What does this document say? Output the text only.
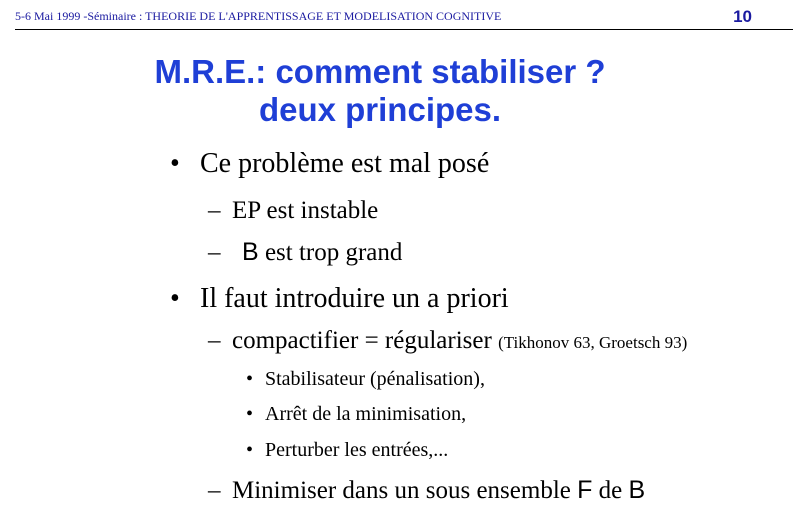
5-6 Mai 1999 -Séminaire : THEORIE DE L'APPRENTISSAGE ET MODELISATION COGNITIVE	10
M.R.E.: comment stabiliser ?
deux principes.
• Ce problème est mal posé
– EP est instable
– B est trop grand
• Il faut introduire un a priori
– compactifier = régulariser (Tikhonov 63, Groetsch 93)
• Stabilisateur (pénalisation),
• Arrêt de la minimisation,
• Perturber les entrées,...
– Minimiser dans un sous ensemble F de B
